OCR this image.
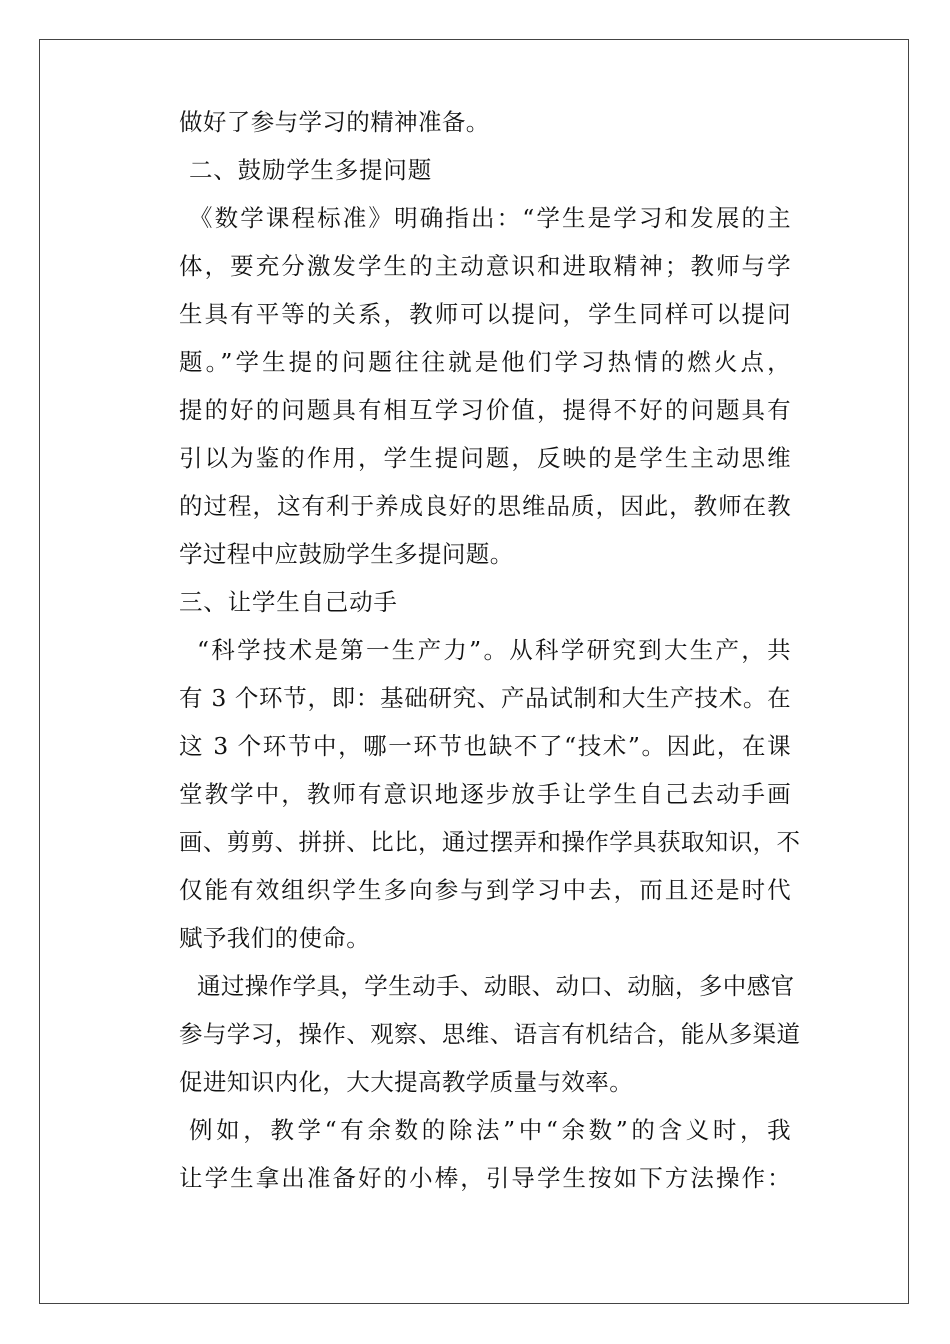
做好了参与学习的精神准备。
二、鼓励学生多提问题
《数学课程标准》明确指出：“学生是学习和发展的主
体，要充分激发学生的主动意识和进取精神；教师与学
生具有平等的关系，教师可以提问，学生同样可以提问
题。”学生提的问题往往就是他们学习热情的燃火点，
提的好的问题具有相互学习价值，提得不好的问题具有
引以为鉴的作用，学生提问题，反映的是学生主动思维
的过程，这有利于养成良好的思维品质，因此，教师在教
学过程中应鼓励学生多提问题。
三、让学生自己动手
“科学技术是第一生产力”。从科学研究到大生产，共
有 3 个环节，即：基础研究、产品试制和大生产技术。在
这 3 个环节中，哪一环节也缺不了“技术”。因此，在课
堂教学中，教师有意识地逐步放手让学生自己去动手画
画、剪剪、拼拼、比比，通过摆弄和操作学具获取知识，不
仅能有效组织学生多向参与到学习中去，而且还是时代
赋予我们的使命。
通过操作学具，学生动手、动眼、动口、动脑，多中感官
参与学习，操作、观察、思维、语言有机结合，能从多渠道
促进知识内化，大大提高教学质量与效率。
例如，教学“有余数的除法”中“余数”的含义时，我
让学生拿出准备好的小棒，引导学生按如下方法操作：
